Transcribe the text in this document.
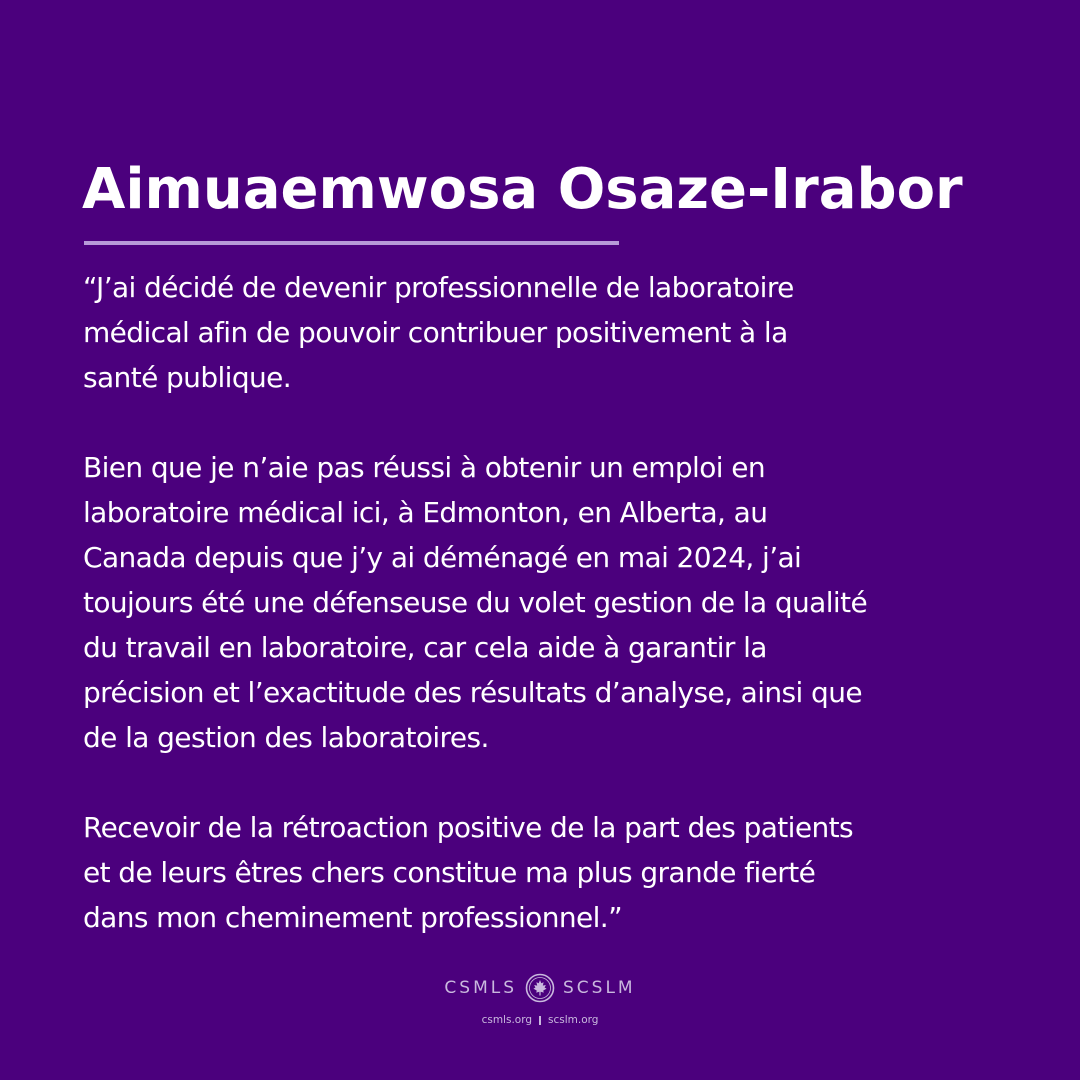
Aimuaemwosa Osaze-Irabor

“J’ai décidé de devenir professionnelle de laboratoire
médical afin de pouvoir contribuer positivement à la
santé publique.

Bien que je n’aie pas réussi à obtenir un emploi en
laboratoire médical ici, à Edmonton, en Alberta, au
Canada depuis que j’y ai déménagé en mai 2024, j’ai
toujours été une défenseuse du volet gestion de la qualité
du travail en laboratoire, car cela aide à garantir la
précision et l’exactitude des résultats d’analyse, ainsi que
de la gestion des laboratoires.

Recevoir de la rétroaction positive de la part des patients
et de leurs êtres chers constitue ma plus grande fierté
dans mon cheminement professionnel.”

CSMLS	SCSLM
csmls.org scslm.org
